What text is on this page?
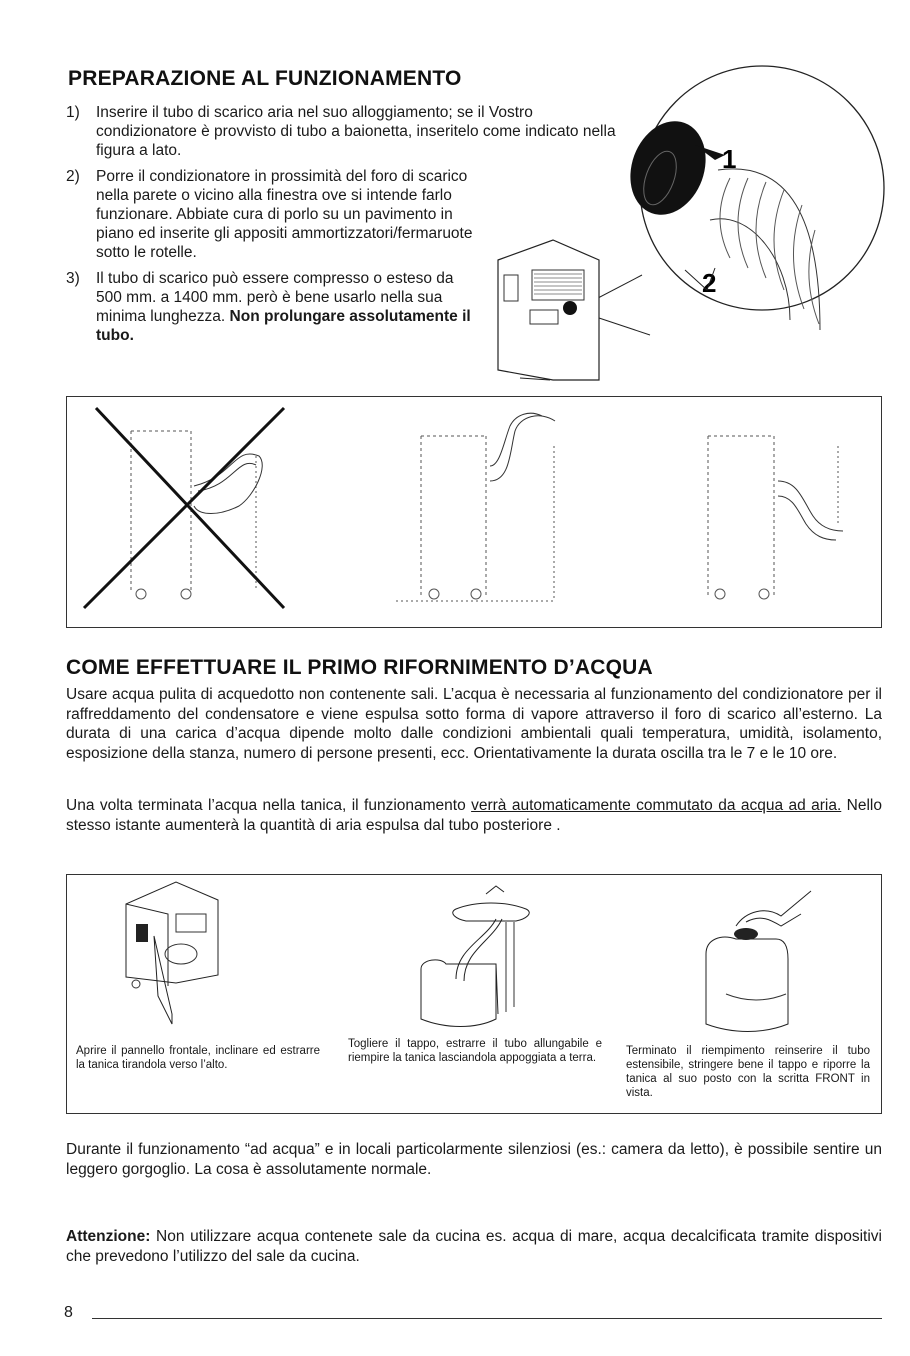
PREPARAZIONE AL FUNZIONAMENTO
1) Inserire il tubo di scarico aria nel suo alloggiamento; se il Vostro condizionatore è provvisto di tubo a baionetta, inseritelo come indicato nella figura a lato.
2) Porre il condizionatore in prossimità del foro di scarico nella parete o vicino alla finestra ove si intende farlo funzionare. Abbiate cura di porlo su un pavimento in piano ed inserite gli appositi ammortizzatori/fermaruote sotto le rotelle.
3) Il tubo di scarico può essere compresso o esteso da 500 mm. a 1400 mm. però è bene usarlo nella sua minima lunghezza. Non prolungare assolutamente il tubo.
1
2
COME EFFETTUARE IL PRIMO RIFORNIMENTO D’ACQUA
Usare acqua pulita di acquedotto non contenente sali. L’acqua è necessaria al funzionamento del condizionatore per il raffreddamento del condensatore e viene espulsa sotto forma di vapore attraverso il foro di scarico all’esterno. La durata di una carica d’acqua dipende molto dalle condizioni ambientali quali temperatura, umidità, isolamento, esposizione della stanza, numero di persone presenti, ecc. Orientativamente la durata oscilla tra le 7 e le 10 ore.
Una volta terminata l’acqua nella tanica, il funzionamento verrà automaticamente commutato da acqua ad aria. Nello stesso istante aumenterà la quantità di aria espulsa dal tubo posteriore .
Aprire il pannello frontale, inclinare ed estrarre la tanica tirandola verso l’alto.
Togliere il tappo, estrarre il tubo allungabile e riempire la tanica lasciandola appoggiata a terra.
Terminato il riempimento reinserire il tubo estensibile, stringere bene il tappo e riporre la tanica al suo posto con la scritta FRONT in vista.
Durante il funzionamento “ad acqua” e in locali particolarmente silenziosi (es.: camera da letto), è possibile sentire un leggero gorgoglio. La cosa è assolutamente normale.
Attenzione: Non utilizzare acqua contenete sale da cucina es. acqua di mare, acqua decalcificata tramite dispositivi che prevedono l’utilizzo del sale da cucina.
8
